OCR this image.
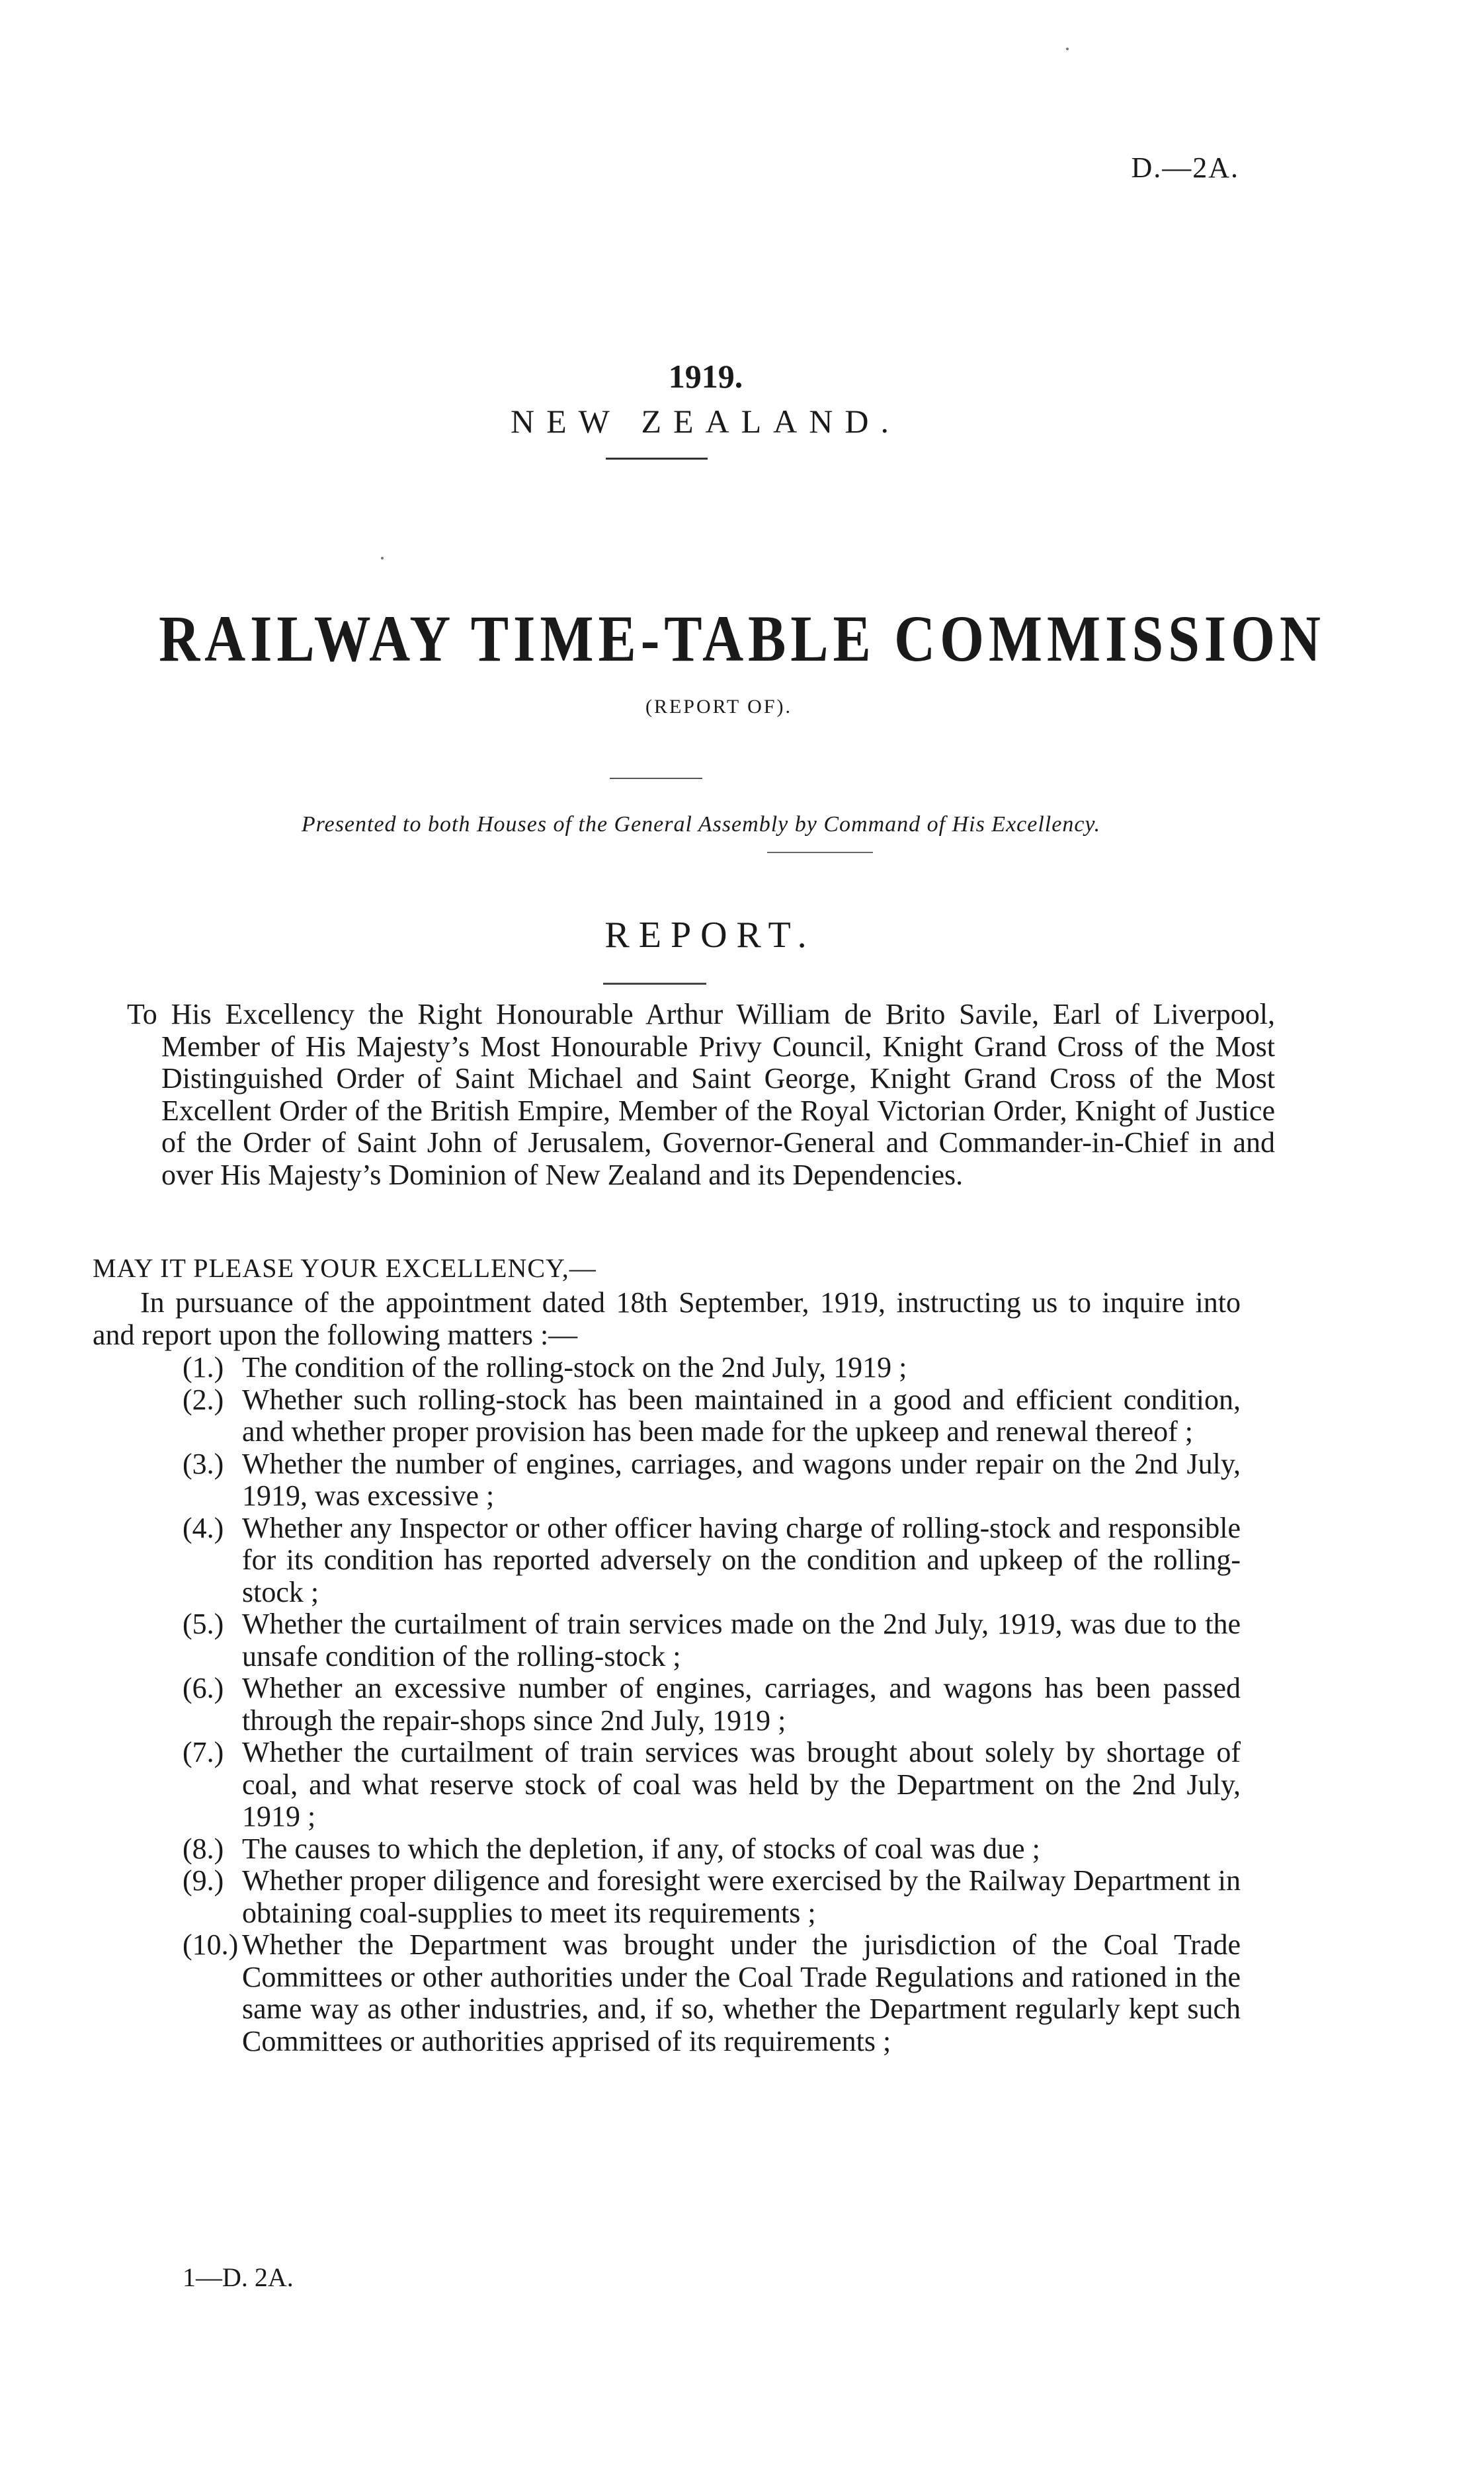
D.—2A.
1919.
NEW ZEALAND.
RAILWAY TIME-TABLE COMMISSION
(REPORT OF).
Presented to both Houses of the General Assembly by Command of His Excellency.
REPORT.
To His Excellency the Right Honourable Arthur William de Brito Savile, Earl of Liverpool, Member of His Majesty’s Most Honourable Privy Council, Knight Grand Cross of the Most Distinguished Order of Saint Michael and Saint George, Knight Grand Cross of the Most Excellent Order of the British Empire, Member of the Royal Victorian Order, Knight of Justice of the Order of Saint John of Jerusalem, Governor-General and Commander-in-Chief in and over His Majesty’s Dominion of New Zealand and its Dependencies.
MAY IT PLEASE YOUR EXCELLENCY,—
In pursuance of the appointment dated 18th September, 1919, instructing us to inquire into and report upon the following matters :—
(1.) The condition of the rolling-stock on the 2nd July, 1919 ;
(2.) Whether such rolling-stock has been maintained in a good and efficient condition, and whether proper provision has been made for the upkeep and renewal thereof ;
(3.) Whether the number of engines, carriages, and wagons under repair on the 2nd July, 1919, was excessive ;
(4.) Whether any Inspector or other officer having charge of rolling-stock and responsible for its condition has reported adversely on the condition and upkeep of the rolling-stock ;
(5.) Whether the curtailment of train services made on the 2nd July, 1919, was due to the unsafe condition of the rolling-stock ;
(6.) Whether an excessive number of engines, carriages, and wagons has been passed through the repair-shops since 2nd July, 1919 ;
(7.) Whether the curtailment of train services was brought about solely by shortage of coal, and what reserve stock of coal was held by the Department on the 2nd July, 1919 ;
(8.) The causes to which the depletion, if any, of stocks of coal was due ;
(9.) Whether proper diligence and foresight were exercised by the Railway Department in obtaining coal-supplies to meet its requirements ;
(10.) Whether the Department was brought under the jurisdiction of the Coal Trade Committees or other authorities under the Coal Trade Regulations and rationed in the same way as other industries, and, if so, whether the Department regularly kept such Committees or authorities apprised of its requirements ;
1—D. 2A.
